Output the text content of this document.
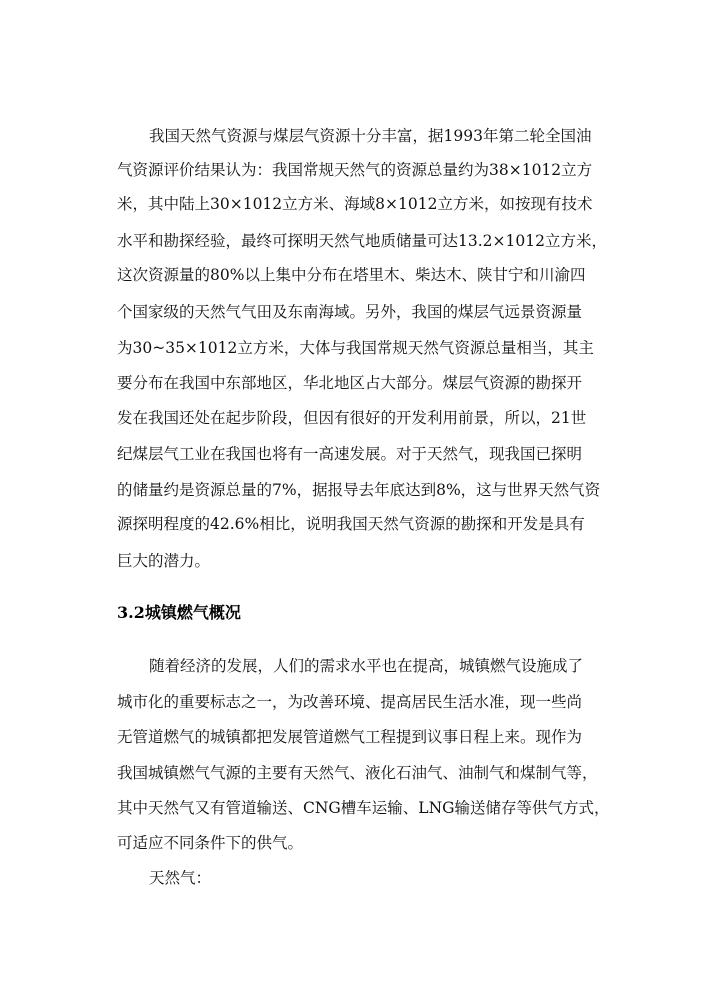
我国天然气资源与煤层气资源十分丰富，据1993年第二轮全国油
气资源评价结果认为：我国常规天然气的资源总量约为38×1012立方
米，其中陆上30×1012立方米、海域8×1012立方米，如按现有技术
水平和勘探经验，最终可探明天然气地质储量可达13.2×1012立方米，
这次资源量的80%以上集中分布在塔里木、柴达木、陕甘宁和川渝四
个国家级的天然气气田及东南海域。另外，我国的煤层气远景资源量
为30~35×1012立方米，大体与我国常规天然气资源总量相当，其主
要分布在我国中东部地区，华北地区占大部分。煤层气资源的勘探开
发在我国还处在起步阶段，但因有很好的开发利用前景，所以，21世
纪煤层气工业在我国也将有一高速发展。对于天然气，现我国已探明
的储量约是资源总量的7%，据报导去年底达到8%，这与世界天然气资
源探明程度的42.6%相比，说明我国天然气资源的勘探和开发是具有
巨大的潜力。
3.2城镇燃气概况
随着经济的发展，人们的需求水平也在提高，城镇燃气设施成了
城市化的重要标志之一，为改善环境、提高居民生活水准，现一些尚
无管道燃气的城镇都把发展管道燃气工程提到议事日程上来。现作为
我国城镇燃气气源的主要有天然气、液化石油气、油制气和煤制气等，
其中天然气又有管道输送、CNG槽车运输、LNG输送储存等供气方式，
可适应不同条件下的供气。
天然气：
